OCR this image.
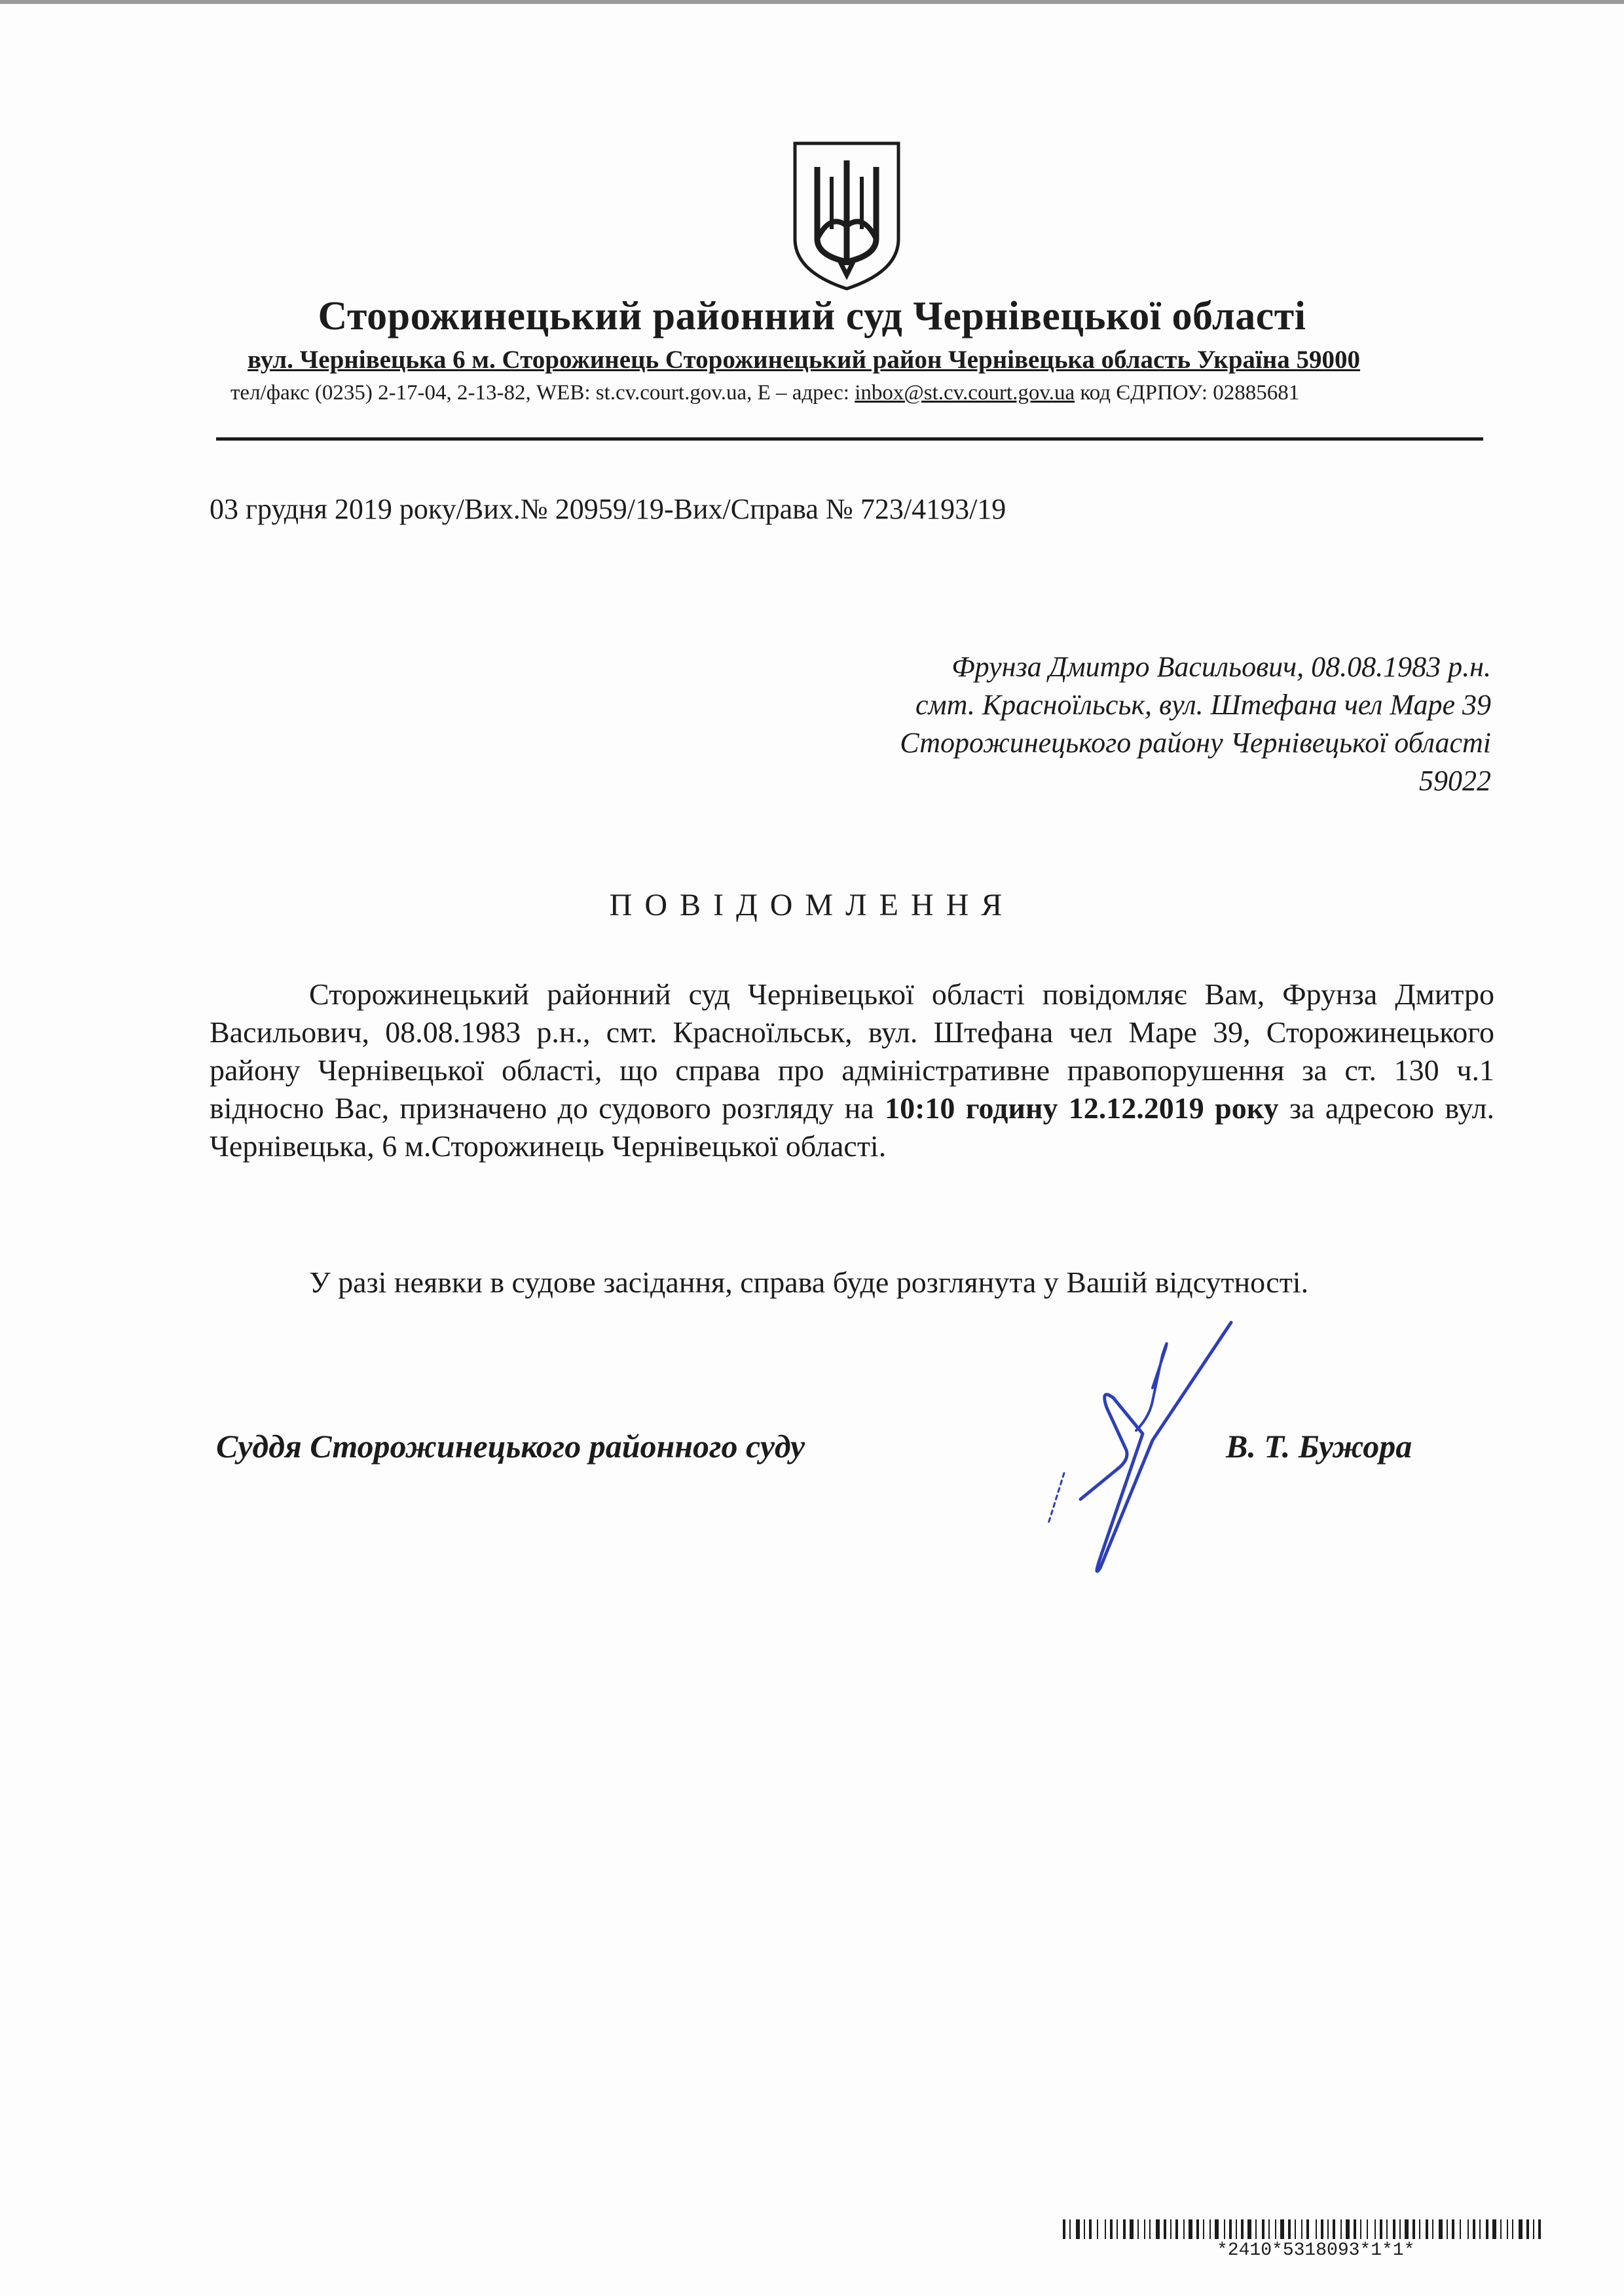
Сторожинецький районний суд Чернівецької області
вул. Чернівецька 6 м. Сторожинець Сторожинецький район Чернівецька область Україна 59000
тел/факс (0235) 2-17-04, 2-13-82, WEB: st.cv.court.gov.ua, E – адрес: inbox@st.cv.court.gov.ua код ЄДРПОУ: 02885681
03 грудня 2019 року/Вих.№ 20959/19-Вих/Справа № 723/4193/19
Фрунза Дмитро Васильович, 08.08.1983 р.н.
смт. Красноїльськ, вул. Штефана чел Маре 39
Сторожинецького району Чернівецької області
59022
ПОВІДОМЛЕННЯ
Сторожинецький районний суд Чернівецької області повідомляє Вам, Фрунза Дмитро Васильович, 08.08.1983 р.н., смт. Красноїльськ, вул. Штефана чел Маре 39, Сторожинецького району Чернівецької області, що справа про адміністративне правопорушення за ст. 130 ч.1 відносно Вас, призначено до судового розгляду на 10:10 годину 12.12.2019 року за адресою вул. Чернівецька, 6 м.Сторожинець Чернівецької області.
У разі неявки в судове засідання, справа буде розглянута у Вашій відсутності.
Суддя Сторожинецького районного суду	В. Т. Бужора
*2410*5318093*1*1*
